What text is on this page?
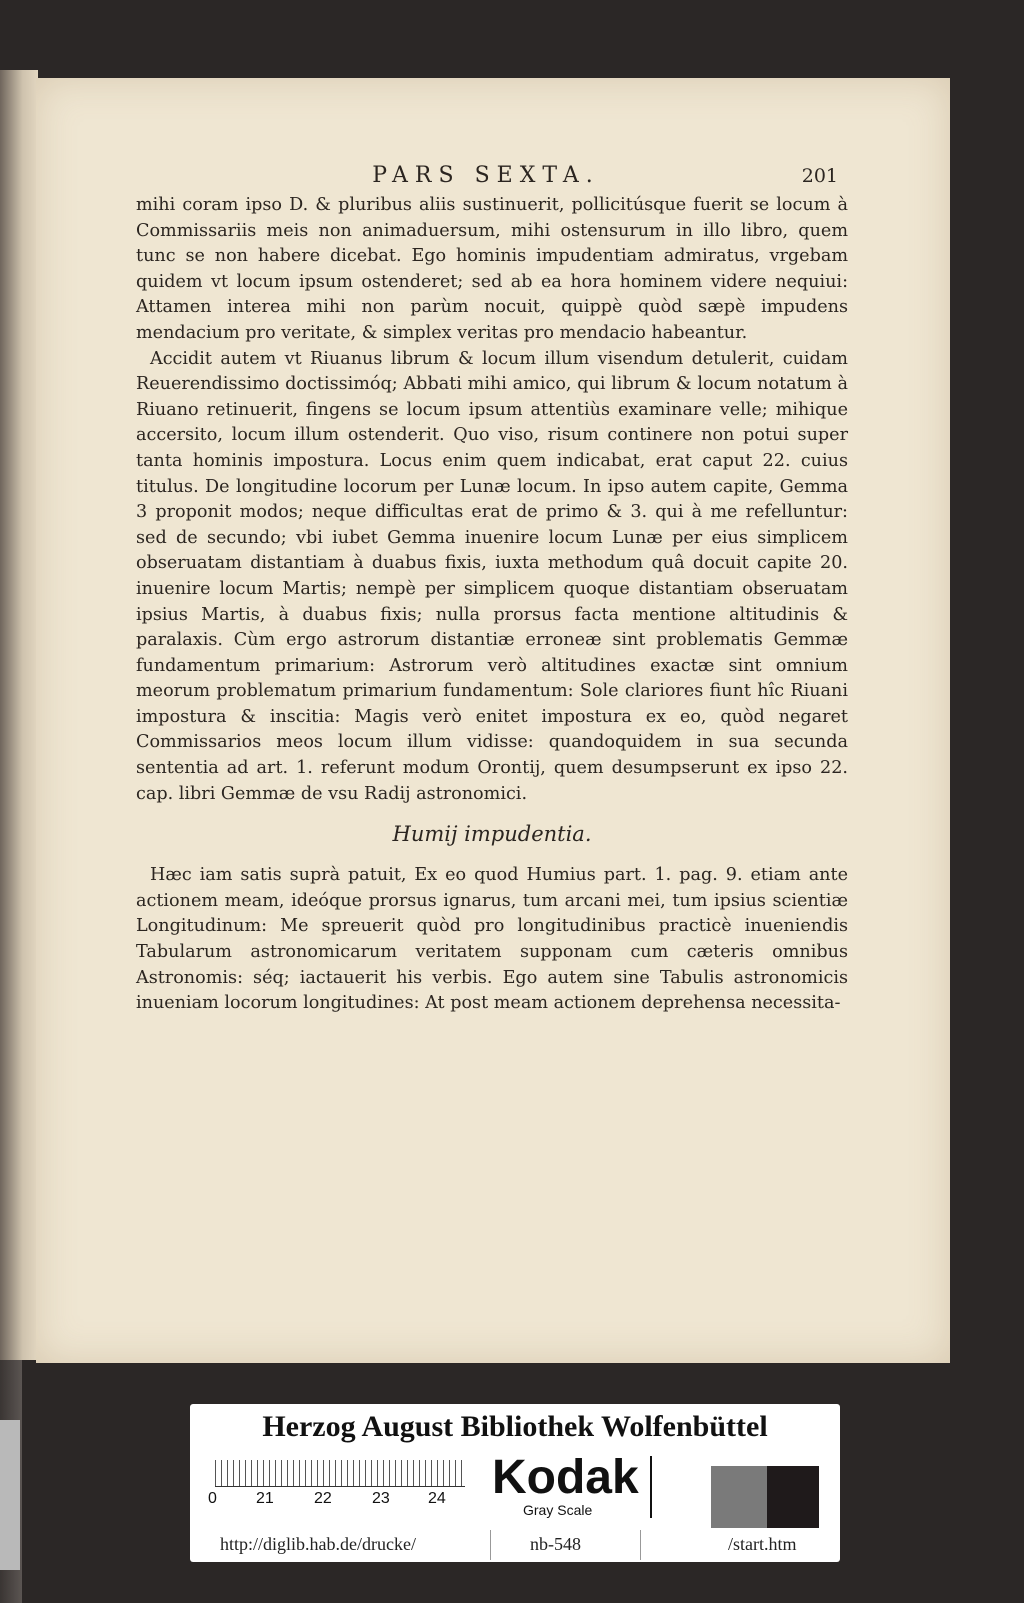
PARS SEXTA.	201

mihi coram ipso D. & pluribus aliis sustinuerit, pollicitúsque fuerit se locum à Commissariis meis non animaduersum, mihi ostensurum in illo libro, quem tunc se non habere dicebat. Ego hominis impudentiam admiratus, vrgebam quidem vt locum ipsum ostenderet; sed ab ea hora hominem videre nequiui: Attamen interea mihi non parùm nocuit, quippè quòd sæpè impudens mendacium pro veritate, & simplex veritas pro mendacio habeantur.

Accidit autem vt Riuanus librum & locum illum visendum detulerit, cuidam Reuerendissimo doctissimóq; Abbati mihi amico, qui librum & locum notatum à Riuano retinuerit, fingens se locum ipsum attentiùs examinare velle; mihique accersito, locum illum ostenderit. Quo viso, risum continere non potui super tanta hominis impostura. Locus enim quem indicabat, erat caput 22. cuius titulus. De longitudine locorum per Lunæ locum. In ipso autem capite, Gemma 3 proponit modos; neque difficultas erat de primo & 3. qui à me refelluntur: sed de secundo; vbi iubet Gemma inuenire locum Lunæ per eius simplicem obseruatam distantiam à duabus fixis, iuxta methodum quâ docuit capite 20. inuenire locum Martis; nempè per simplicem quoque distantiam obseruatam ipsius Martis, à duabus fixis; nulla prorsus facta mentione altitudinis & paralaxis. Cùm ergo astrorum distantiæ erroneæ sint problematis Gemmæ fundamentum primarium: Astrorum verò altitudines exactæ sint omnium meorum problematum primarium fundamentum: Sole clariores fiunt hîc Riuani impostura & inscitia: Magis verò enitet impostura ex eo, quòd negaret Commissarios meos locum illum vidisse: quandoquidem in sua secunda sententia ad art. 1. referunt modum Orontij, quem desumpserunt ex ipso 22. cap. libri Gemmæ de vsu Radij astronomici.

Humij impudentia.

Hæc iam satis suprà patuit, Ex eo quod Humius part. 1. pag. 9. etiam ante actionem meam, ideóque prorsus ignarus, tum arcani mei, tum ipsius scientiæ Longitudinum: Me spreuerit quòd pro longitudinibus practicè inueniendis Tabularum astronomicarum veritatem supponam cum cæteris omnibus Astronomis: séq; iactauerit his verbis. Ego autem sine Tabulis astronomicis inueniam locorum longitudines: At post meam actionem deprehensa necessita-

Herzog August Bibliothek Wolfenbüttel
0 21	22	23 24 Kodak
Gray Scale
http://diglib.hab.de/drucke/	nb-548	/start.htm
